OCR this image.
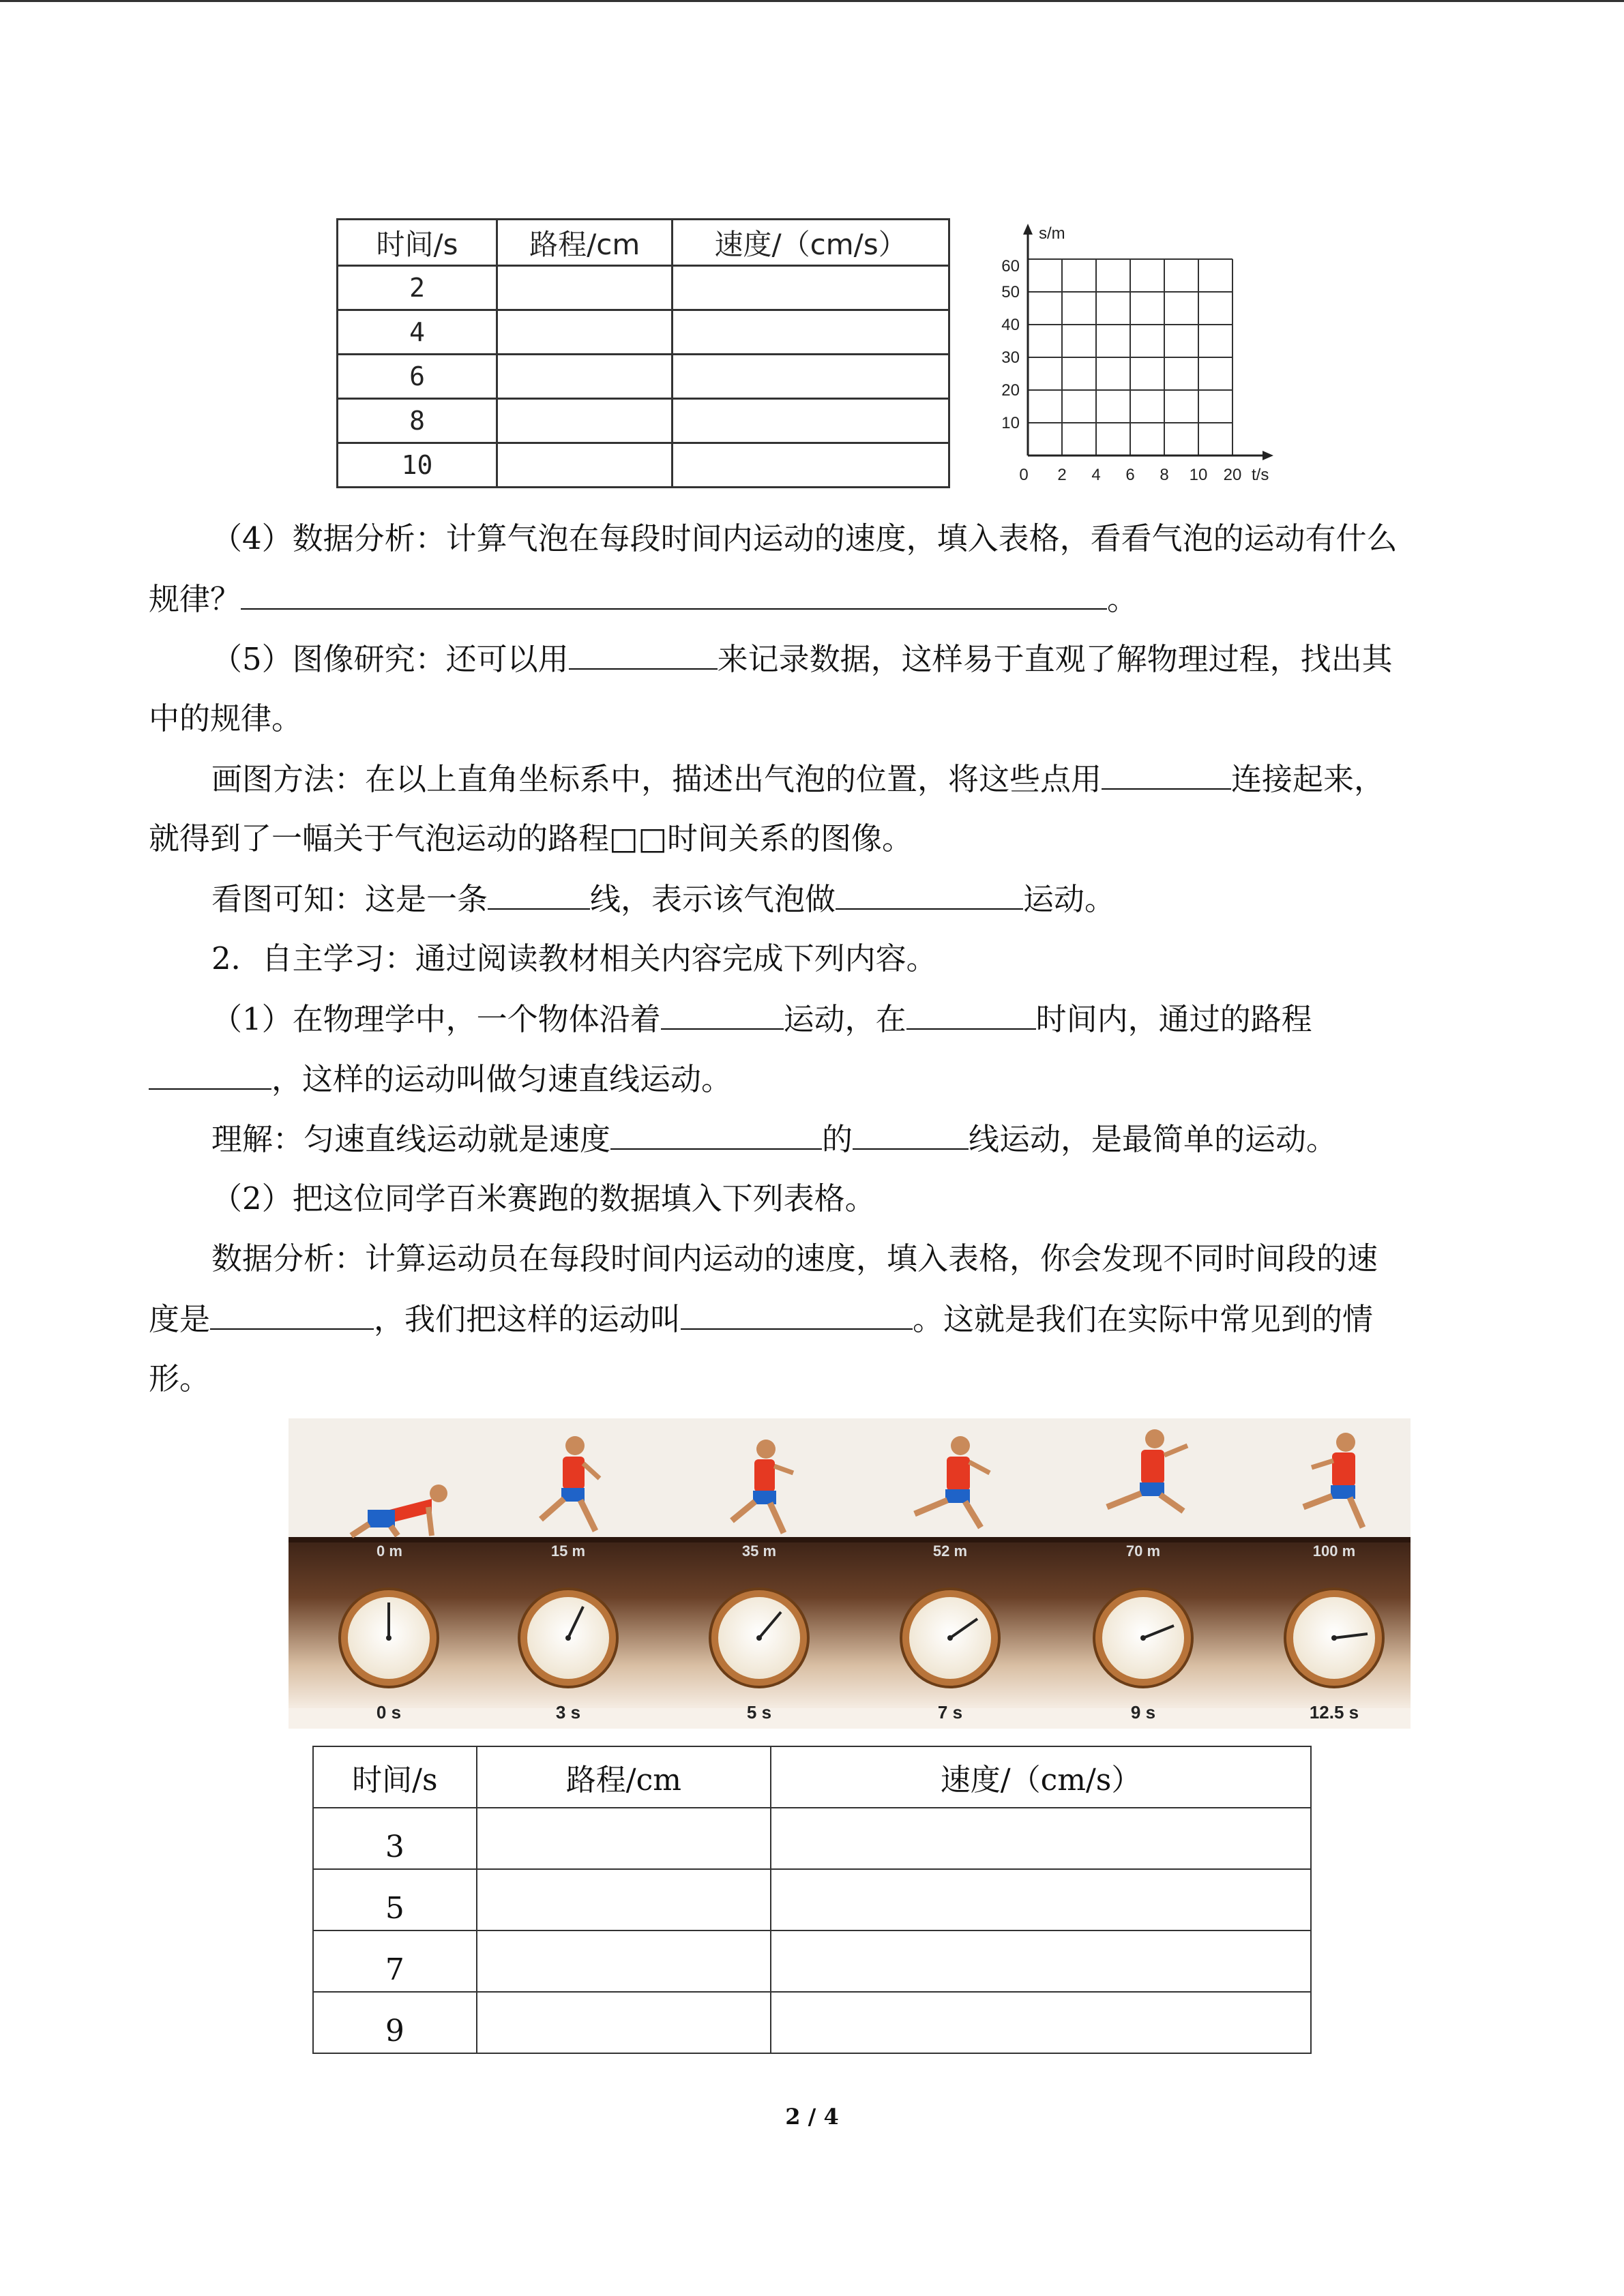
时间/s	路程/cm	速度/（cm/s）
2		
4		
6		
8		
10		
s/m
t/s
60
50
40
30
20
10
0 2 4 6 8 10 20
（4）数据分析：计算气泡在每段时间内运动的速度，填入表格，看看气泡的运动有什么
规律？	。
（5）图像研究：还可以用	来记录数据，这样易于直观了解物理过程，找出其
中的规律。
画图方法：在以上直角坐标系中，描述出气泡的位置，将这些点用	连接起来，
就得到了一幅关于气泡运动的路程□□时间关系的图像。
看图可知：这是一条	线，表示该气泡做	运动。
2．自主学习：通过阅读教材相关内容完成下列内容。
（1）在物理学中，一个物体沿着	运动，在	时间内，通过的路程
，这样的运动叫做匀速直线运动。
理解：匀速直线运动就是速度	的	线运动，是最简单的运动。
（2）把这位同学百米赛跑的数据填入下列表格。
数据分析：计算运动员在每段时间内运动的速度，填入表格，你会发现不同时间段的速
度是	，我们把这样的运动叫	。这就是我们在实际中常见到的情
形。
0 m	15 m	35 m	52 m	70 m	100 m
0 s	3 s	5 s	7 s	9 s	12.5 s
时间/s	路程/cm	速度/（cm/s）
3		
5		
7		
9		
2 / 4
